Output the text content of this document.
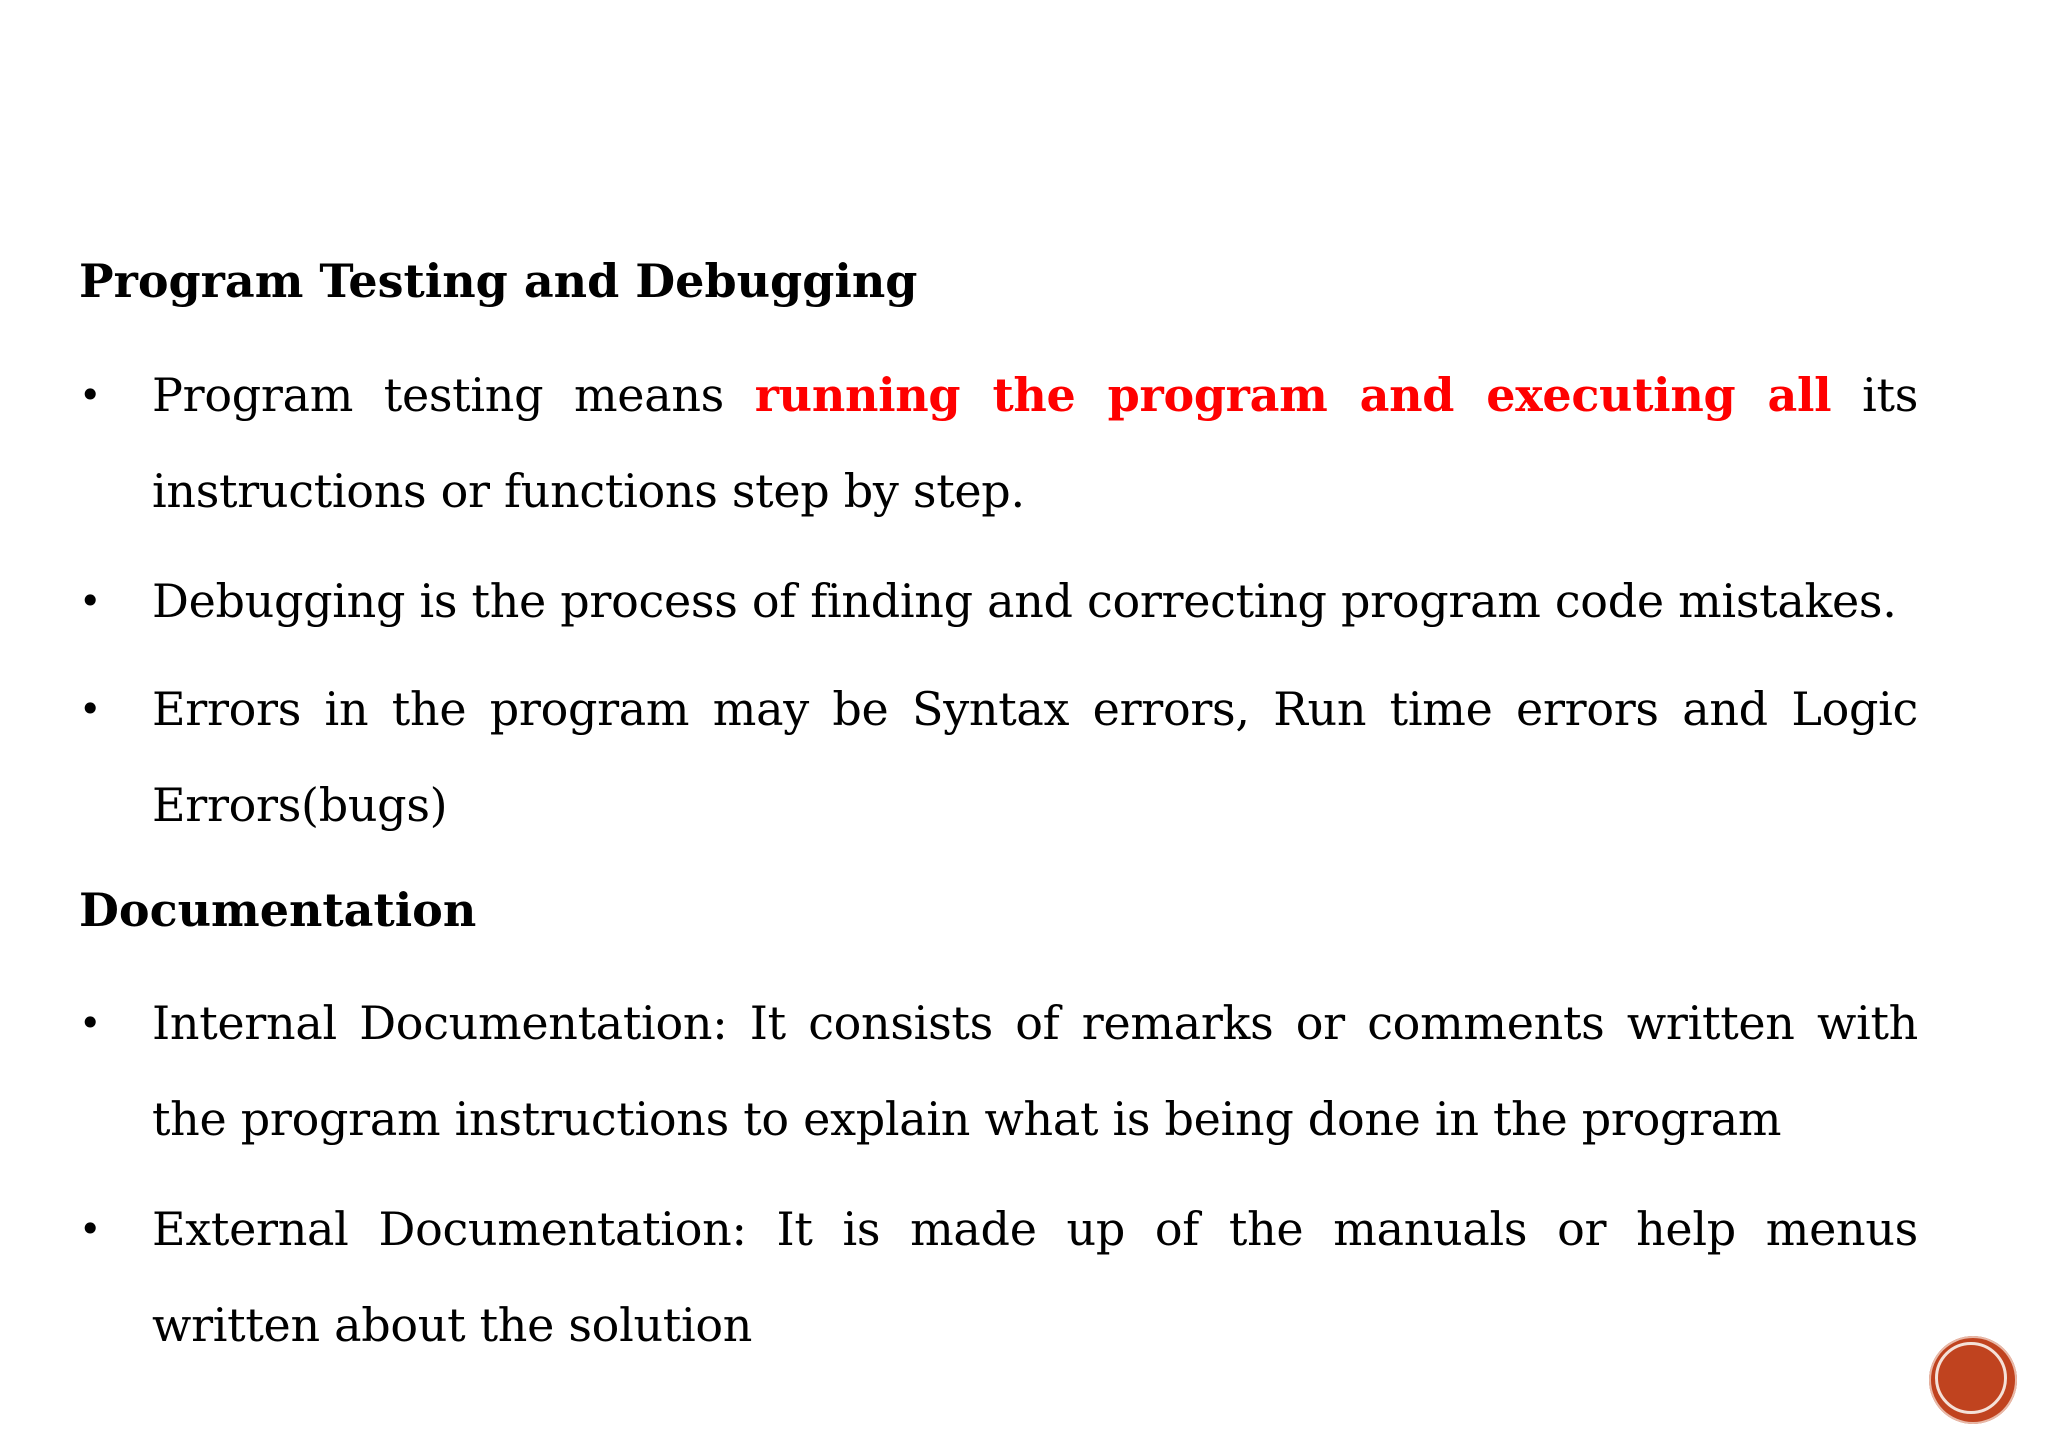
Program Testing and Debugging
• Program testing means running the program and executing all its instructions or functions step by step.
• Debugging is the process of finding and correcting program code mistakes.
• Errors in the program may be Syntax errors, Run time errors and Logic Errors(bugs)
Documentation
• Internal Documentation: It consists of remarks or comments written with the program instructions to explain what is being done in the program
• External Documentation: It is made up of the manuals or help menus written about the solution
